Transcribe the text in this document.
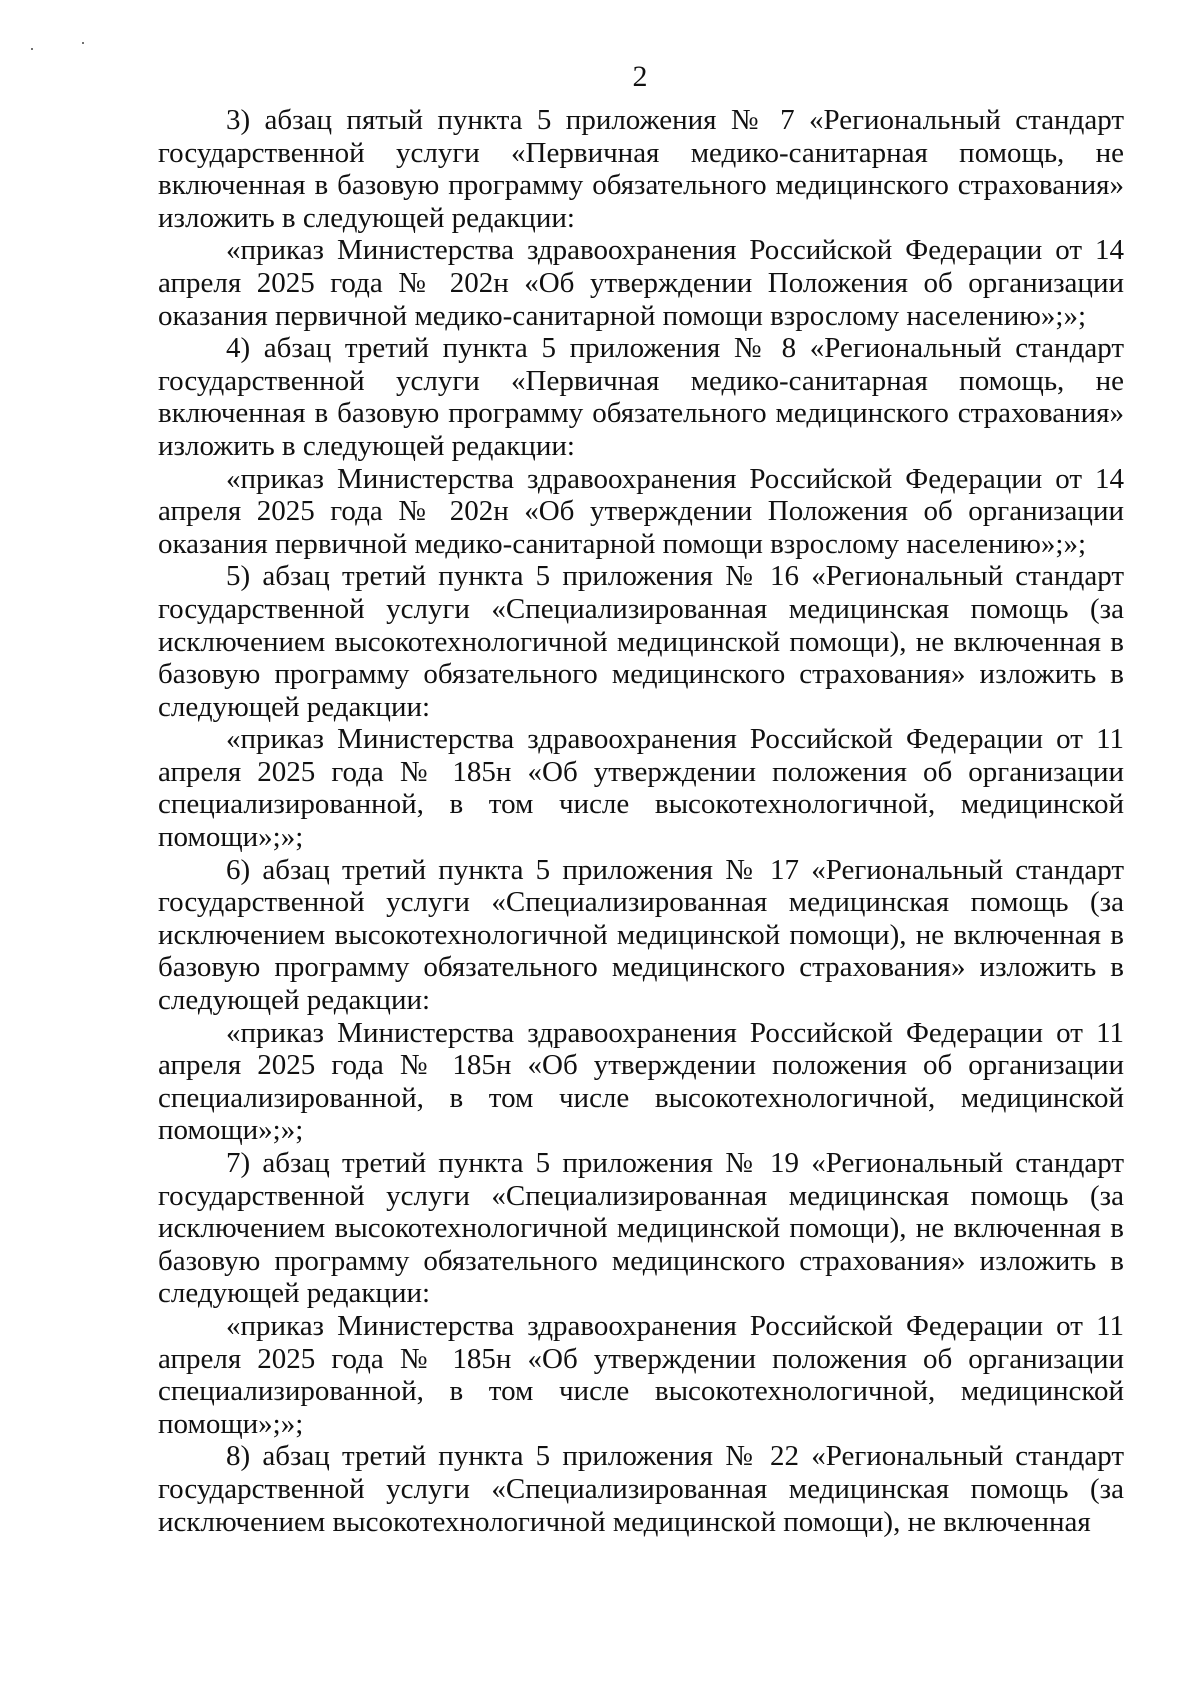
2

3) абзац пятый пункта 5 приложения № 7 «Региональный стандарт государственной услуги «Первичная медико-санитарная помощь, не включенная в базовую программу обязательного медицинского страхования» изложить в следующей редакции:

«приказ Министерства здравоохранения Российской Федерации от 14 апреля 2025 года № 202н «Об утверждении Положения об организации оказания первичной медико-санитарной помощи взрослому населению»;»;

4) абзац третий пункта 5 приложения № 8 «Региональный стандарт государственной услуги «Первичная медико-санитарная помощь, не включенная в базовую программу обязательного медицинского страхования» изложить в следующей редакции:

«приказ Министерства здравоохранения Российской Федерации от 14 апреля 2025 года № 202н «Об утверждении Положения об организации оказания первичной медико-санитарной помощи взрослому населению»;»;

5) абзац третий пункта 5 приложения № 16 «Региональный стандарт государственной услуги «Специализированная медицинская помощь (за исключением высокотехнологичной медицинской помощи), не включенная в базовую программу обязательного медицинского страхования» изложить в следующей редакции:

«приказ Министерства здравоохранения Российской Федерации от 11 апреля 2025 года № 185н «Об утверждении положения об организации специализированной, в том числе высокотехнологичной, медицинской помощи»;»;

6) абзац третий пункта 5 приложения № 17 «Региональный стандарт государственной услуги «Специализированная медицинская помощь (за исключением высокотехнологичной медицинской помощи), не включенная в базовую программу обязательного медицинского страхования» изложить в следующей редакции:

«приказ Министерства здравоохранения Российской Федерации от 11 апреля 2025 года № 185н «Об утверждении положения об организации специализированной, в том числе высокотехнологичной, медицинской помощи»;»;

7) абзац третий пункта 5 приложения № 19 «Региональный стандарт государственной услуги «Специализированная медицинская помощь (за исключением высокотехнологичной медицинской помощи), не включенная в базовую программу обязательного медицинского страхования» изложить в следующей редакции:

«приказ Министерства здравоохранения Российской Федерации от 11 апреля 2025 года № 185н «Об утверждении положения об организации специализированной, в том числе высокотехнологичной, медицинской помощи»;»;

8) абзац третий пункта 5 приложения № 22 «Региональный стандарт государственной услуги «Специализированная медицинская помощь (за исключением высокотехнологичной медицинской помощи), не включенная
